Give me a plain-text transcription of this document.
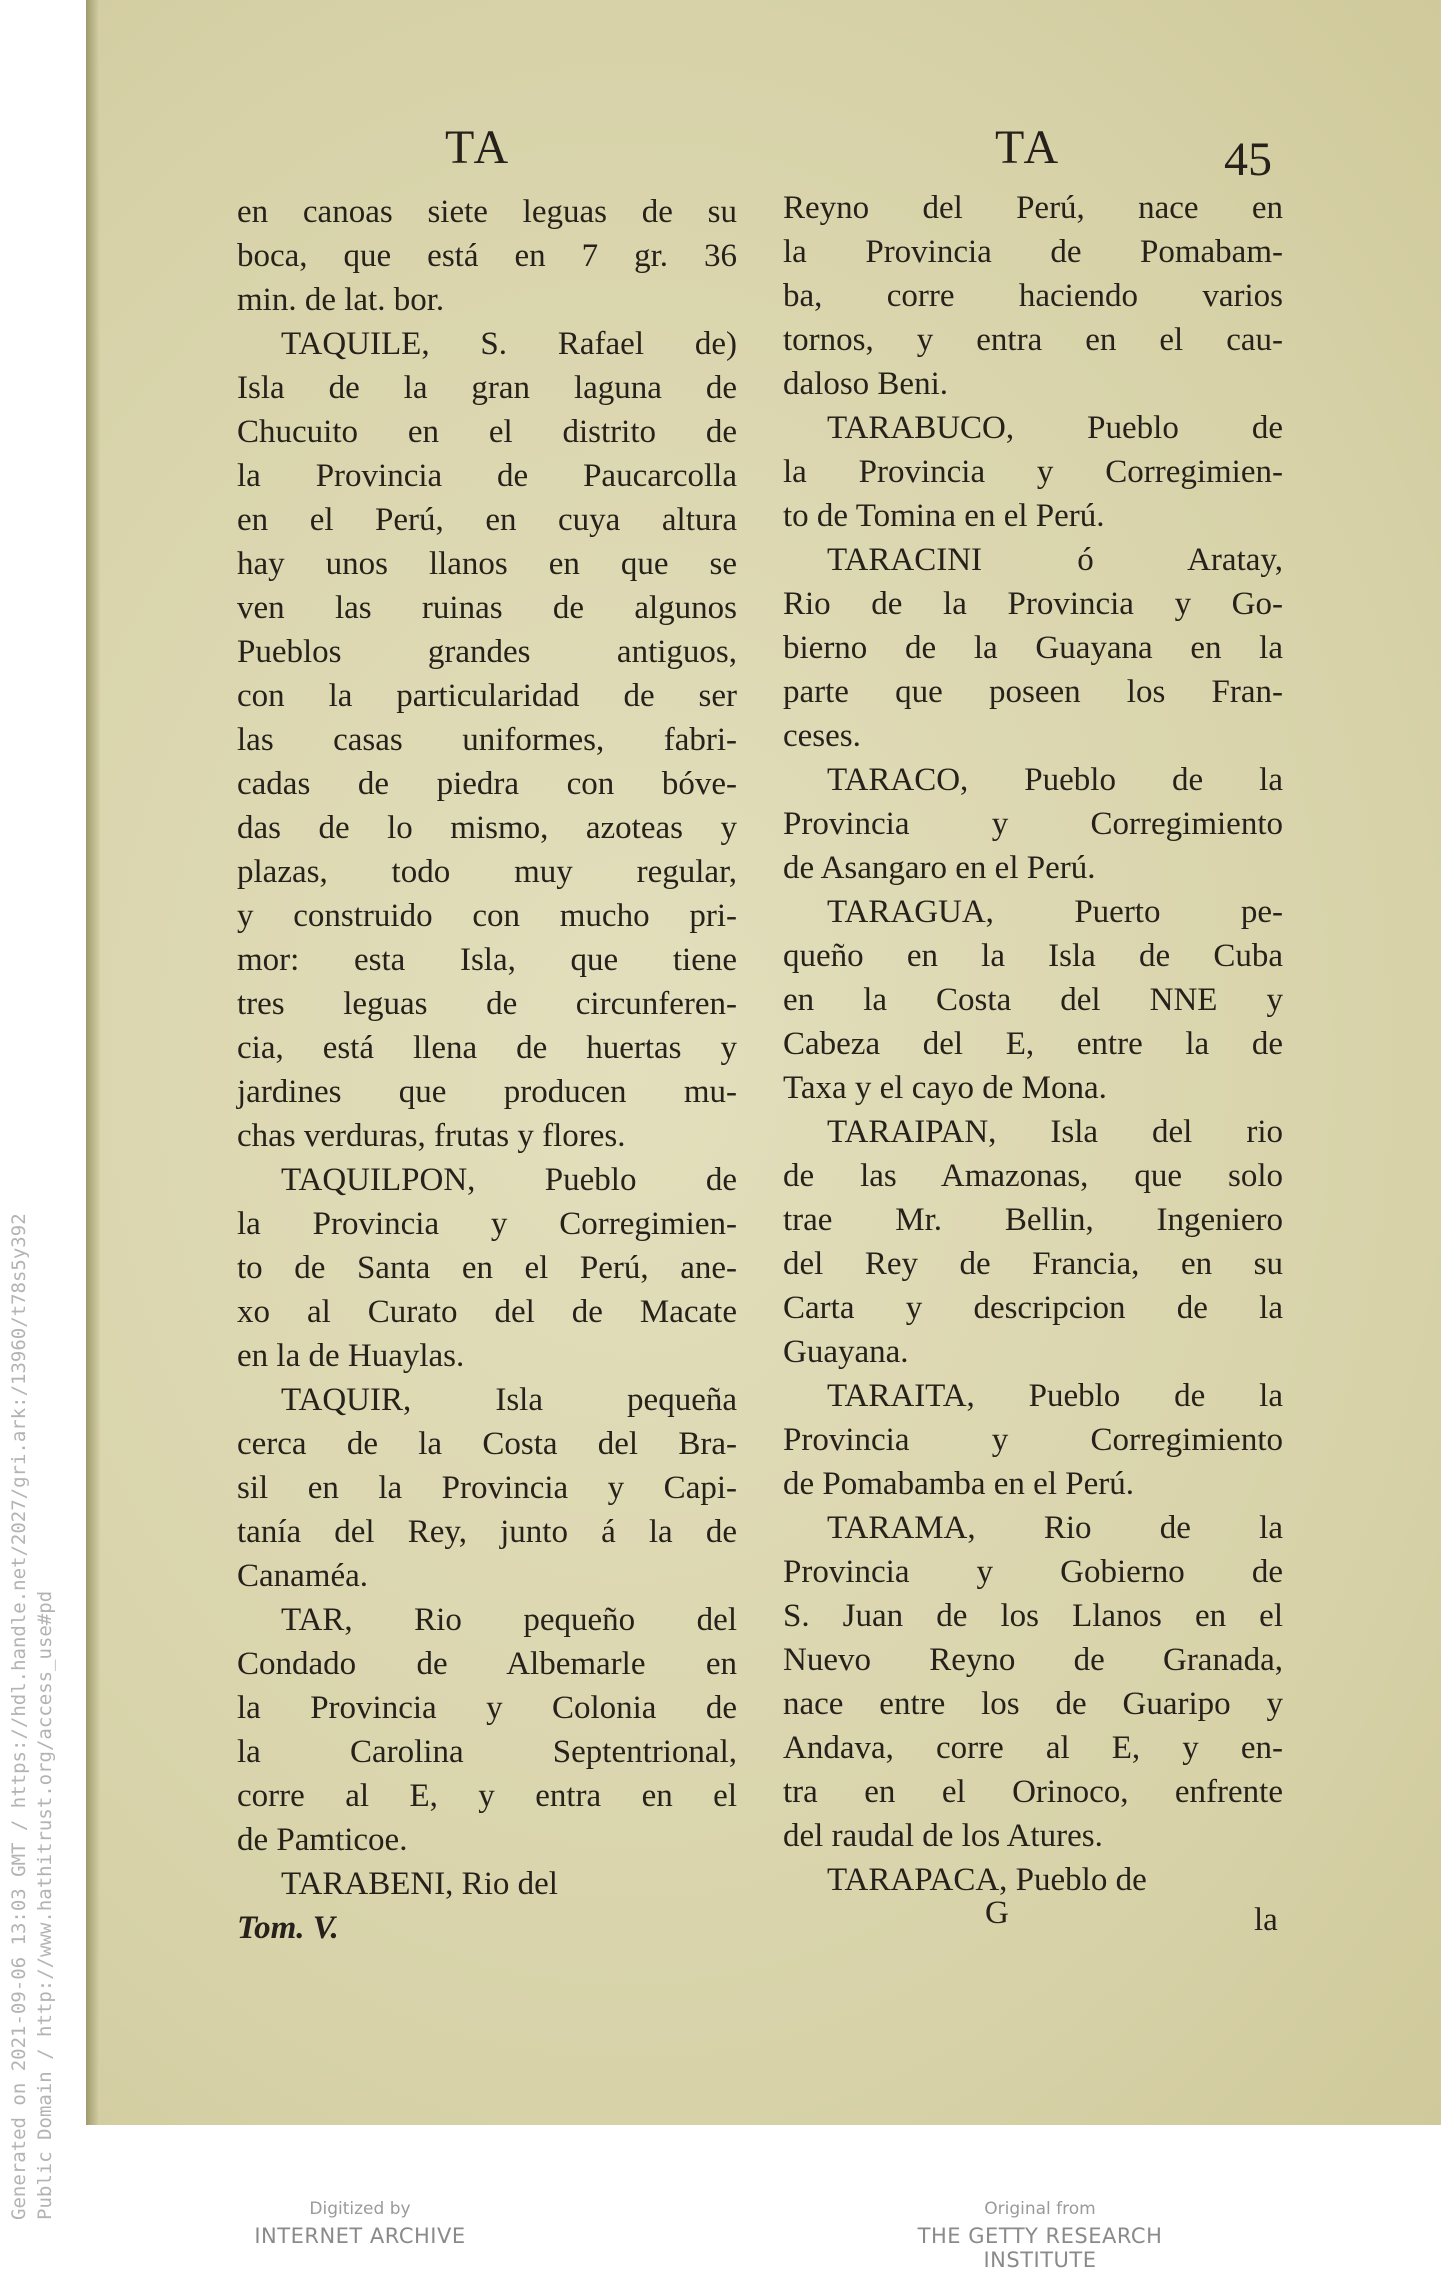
TA	TA	45
en canoas siete leguas de su
boca, que está en 7 gr. 36
min. de lat. bor.
TAQUILE, S. Rafael de)
Isla de la gran laguna de
Chucuito en el distrito de
la Provincia de Paucarcolla
en el Perú, en cuya altura
hay unos llanos en que se
ven las ruinas de algunos
Pueblos grandes antiguos,
con la particularidad de ser
las casas uniformes, fabri-
cadas de piedra con bóve-
das de lo mismo, azoteas y
plazas, todo muy regular,
y construido con mucho pri-
mor: esta Isla, que tiene
tres leguas de circunferen-
cia, está llena de huertas y
jardines que producen mu-
chas verduras, frutas y flores.
TAQUILPON, Pueblo de
la Provincia y Corregimien-
to de Santa en el Perú, ane-
xo al Curato del de Macate
en la de Huaylas.
TAQUIR, Isla pequeña
cerca de la Costa del Bra-
sil en la Provincia y Capi-
tanía del Rey, junto á la de
Canaméa.
TAR, Rio pequeño del
Condado de Albemarle en
la Provincia y Colonia de
la Carolina Septentrional,
corre al E, y entra en el
de Pamticoe.
TARABENI, Rio del
Tom. V.
Reyno del Perú, nace en
la Provincia de Pomabam-
ba, corre haciendo varios
tornos, y entra en el cau-
daloso Beni.
TARABUCO, Pueblo de
la Provincia y Corregimien-
to de Tomina en el Perú.
TARACINI ó Aratay,
Rio de la Provincia y Go-
bierno de la Guayana en la
parte que poseen los Fran-
ceses.
TARACO, Pueblo de la
Provincia y Corregimiento
de Asangaro en el Perú.
TARAGUA, Puerto pe-
queño en la Isla de Cuba
en la Costa del NNE y
Cabeza del E, entre la de
Taxa y el cayo de Mona.
TARAIPAN, Isla del rio
de las Amazonas, que solo
trae Mr. Bellin, Ingeniero
del Rey de Francia, en su
Carta y descripcion de la
Guayana.
TARAITA, Pueblo de la
Provincia y Corregimiento
de Pomabamba en el Perú.
TARAMA, Rio de la
Provincia y Gobierno de
S. Juan de los Llanos en el
Nuevo Reyno de Granada,
nace entre los de Guaripo y
Andava, corre al E, y en-
tra en el Orinoco, enfrente
del raudal de los Atures.
TARAPACA, Pueblo de
G	la
Generated on 2021-09-06 13:03 GMT / https://hdl.handle.net/2027/gri.ark:/13960/t78s5y392 Public Domain / http://www.hathitrust.org/access_use#pd	Digitized by
INTERNET ARCHIVE
Original from
THE GETTY RESEARCH INSTITUTE
